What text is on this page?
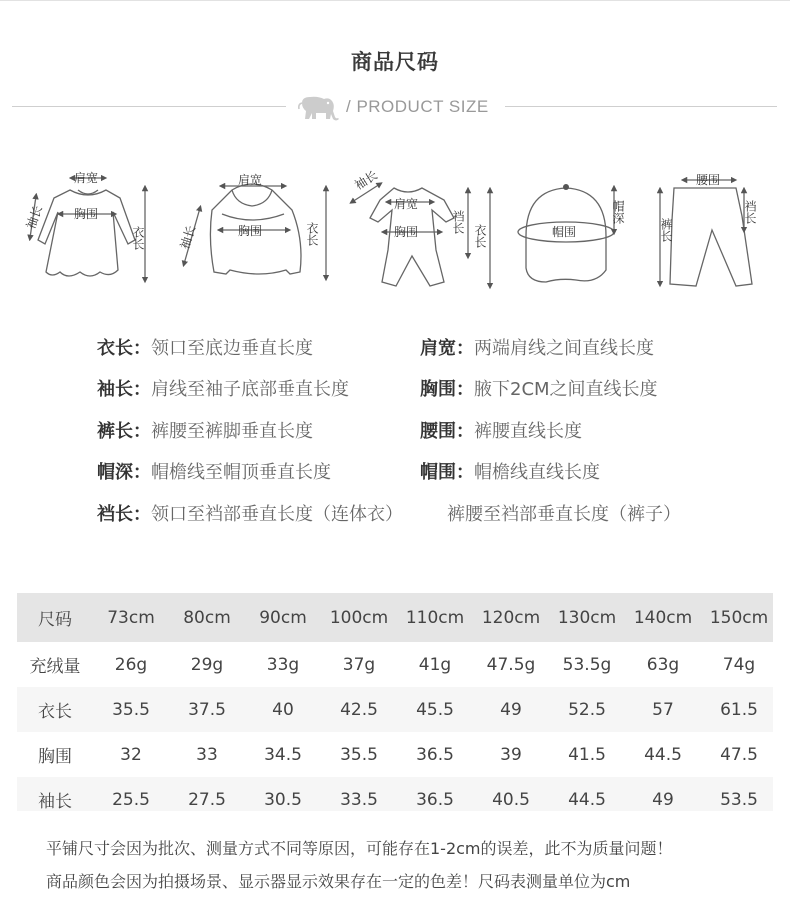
商品尺码
/ PRODUCT SIZE
肩宽
胸围
袖长
衣长
肩宽
胸围
袖长	衣长
袖长
肩宽
胸围	裆长
衣长	帽围
帽深
腰围
裤长
裆长
衣长：领口至底边垂直长度	肩宽：两端肩线之间直线长度
袖长：肩线至袖子底部垂直长度	胸围：腋下2CM之间直线长度
裤长：裤腰至裤脚垂直长度	腰围：裤腰直线长度
帽深：帽檐线至帽顶垂直长度	帽围：帽檐线直线长度
裆长：领口至裆部垂直长度（连体衣） 裤腰至裆部垂直长度（裤子）
尺码	73cm	80cm	90cm	100cm	110cm	120cm	130cm	140cm	150cm
充绒量	26g	29g	33g	37g	41g	47.5g	53.5g	63g	74g
衣长	35.5	37.5	40	42.5	45.5	49	52.5	57	61.5
胸围	32	33	34.5	35.5	36.5	39	41.5	44.5	47.5
袖长	25.5	27.5	30.5	33.5	36.5	40.5	44.5	49	53.5
平铺尺寸会因为批次、测量方式不同等原因，可能存在1-2cm的误差，此不为质量问题！
商品颜色会因为拍摄场景、显示器显示效果存在一定的色差！尺码表测量单位为cm
